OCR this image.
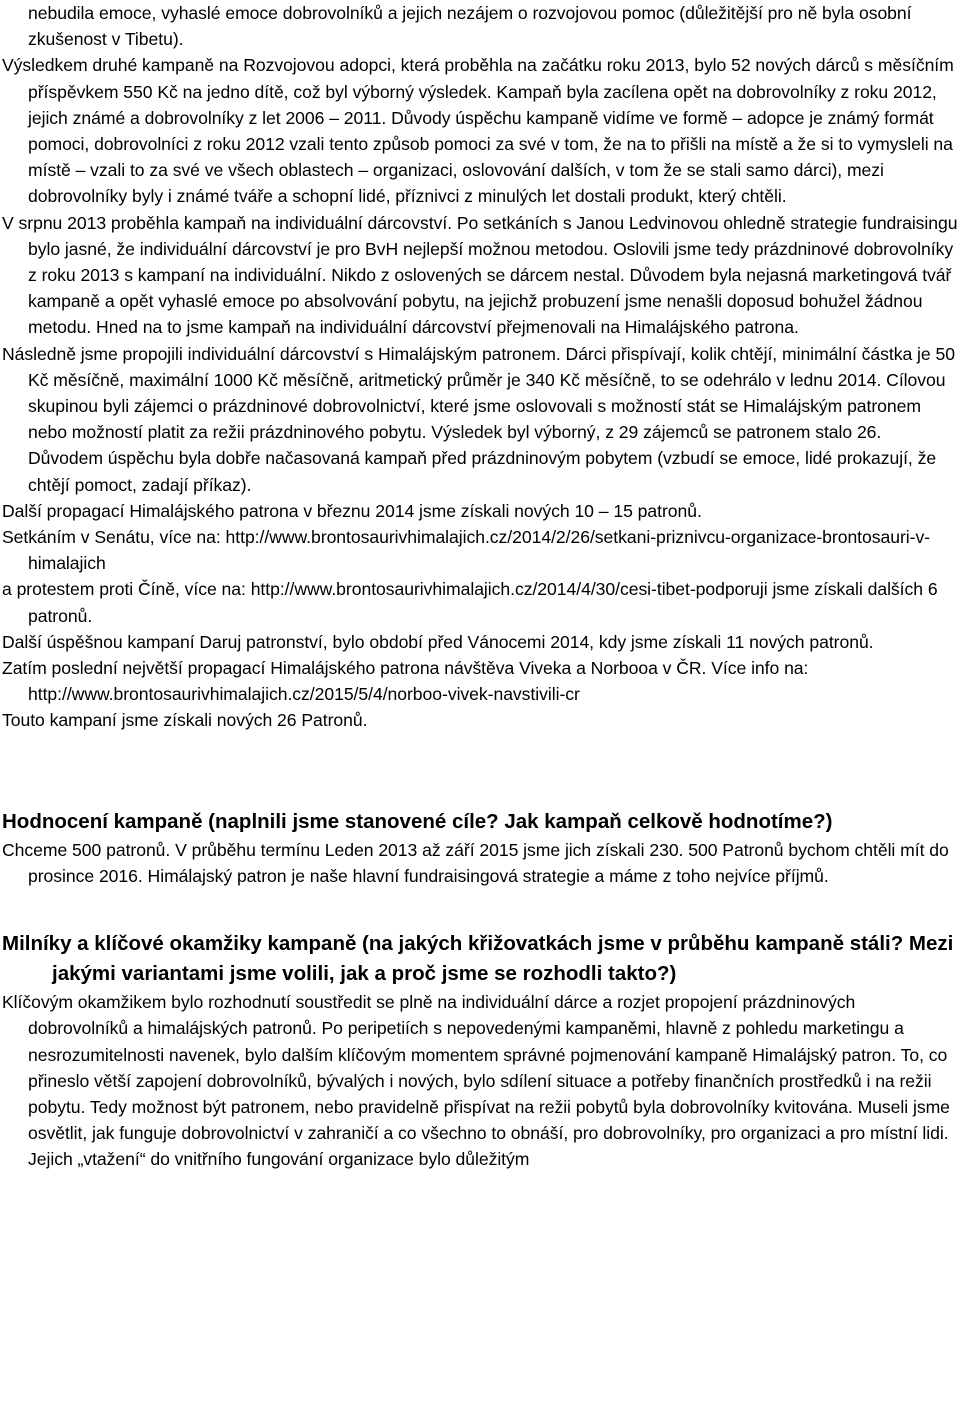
nebudila emoce, vyhaslé emoce dobrovolníků a jejich nezájem o rozvojovou pomoc (důležitější pro ně byla osobní zkušenost v Tibetu).

Výsledkem druhé kampaně na Rozvojovou adopci, která proběhla na začátku roku 2013, bylo 52 nových dárců s měsíčním příspěvkem 550 Kč na jedno dítě, což byl výborný výsledek. Kampaň byla zacílena opět na dobrovolníky z roku 2012, jejich známé a dobrovolníky z let 2006 – 2011. Důvody úspěchu kampaně vidíme ve formě – adopce je známý formát pomoci, dobrovolníci z roku 2012 vzali tento způsob pomoci za své v tom, že na to přišli na místě a že si to vymysleli na místě – vzali to za své ve všech oblastech – organizaci, oslovování dalších, v tom že se stali samo dárci), mezi dobrovolníky byly i známé tváře a schopní lidé, příznivci z minulých let dostali produkt, který chtěli.

V srpnu 2013 proběhla kampaň na individuální dárcovství. Po setkáních s Janou Ledvinovou ohledně strategie fundraisingu bylo jasné, že individuální dárcovství je pro BvH nejlepší možnou metodou. Oslovili jsme tedy prázdninové dobrovolníky z roku 2013 s kampaní na individuální. Nikdo z oslovených se dárcem nestal. Důvodem byla nejasná marketingová tvář kampaně a opět vyhaslé emoce po absolvování pobytu, na jejichž probuzení jsme nenašli doposud bohužel žádnou metodu. Hned na to jsme kampaň na individuální dárcovství přejmenovali na Himalájského patrona.

Následně jsme propojili individuální dárcovství s Himalájským patronem. Dárci přispívají, kolik chtějí, minimální částka je 50 Kč měsíčně, maximální 1000 Kč měsíčně, aritmetický průměr je 340 Kč měsíčně, to se odehrálo v lednu 2014. Cílovou skupinou byli zájemci o prázdninové dobrovolnictví, které jsme oslovovali s možností stát se Himalájským patronem nebo možností platit za režii prázdninového pobytu. Výsledek byl výborný, z 29 zájemců se patronem stalo 26. Důvodem úspěchu byla dobře načasovaná kampaň před prázdninovým pobytem (vzbudí se emoce, lidé prokazují, že chtějí pomoct, zadají příkaz).

Další propagací Himalájského patrona v březnu 2014 jsme získali nových 10 – 15 patronů.

Setkáním v Senátu, více na: http://www.brontosaurivhimalajich.cz/2014/2/26/setkani-priznivcu-organizace-brontosauri-v-himalajich

a protestem proti Číně, více na: http://www.brontosaurivhimalajich.cz/2014/4/30/cesi-tibet-podporuji jsme získali dalších 6 patronů.

Další úspěšnou kampaní Daruj patronství, bylo období před Vánocemi 2014, kdy jsme získali 11 nových patronů.

Zatím poslední největší propagací Himalájského patrona návštěva Viveka a Norbooa v ČR. Více info na: http://www.brontosaurivhimalajich.cz/2015/5/4/norboo-vivek-navstivili-cr

Touto kampaní jsme získali nových 26 Patronů.

Hodnocení kampaně (naplnili jsme stanovené cíle? Jak kampaň celkově hodnotíme?)

Chceme 500 patronů. V průběhu termínu Leden 2013 až září 2015 jsme jich získali 230. 500 Patronů bychom chtěli mít do prosince 2016. Himálajský patron je naše hlavní fundraisingová strategie a máme z toho nejvíce příjmů.

Milníky a klíčové okamžiky kampaně (na jakých křižovatkách jsme v průběhu kampaně stáli? Mezi jakými variantami jsme volili, jak a proč jsme se rozhodli takto?)

Klíčovým okamžikem bylo rozhodnutí soustředit se plně na individuální dárce a rozjet propojení prázdninových dobrovolníků a himalájských patronů. Po peripetiích s nepovedenými kampaněmi, hlavně z pohledu marketingu a nesrozumitelnosti navenek, bylo dalším klíčovým momentem správné pojmenování kampaně Himalájský patron. To, co přineslo větší zapojení dobrovolníků, bývalých i nových, bylo sdílení situace a potřeby finančních prostředků i na režii pobytu. Tedy možnost být patronem, nebo pravidelně přispívat na režii pobytů byla dobrovolníky kvitována. Museli jsme osvětlit, jak funguje dobrovolnictví v zahraničí a co všechno to obnáší, pro dobrovolníky, pro organizaci a pro místní lidi. Jejich „vtažení“ do vnitřního fungování organizace bylo důležitým
